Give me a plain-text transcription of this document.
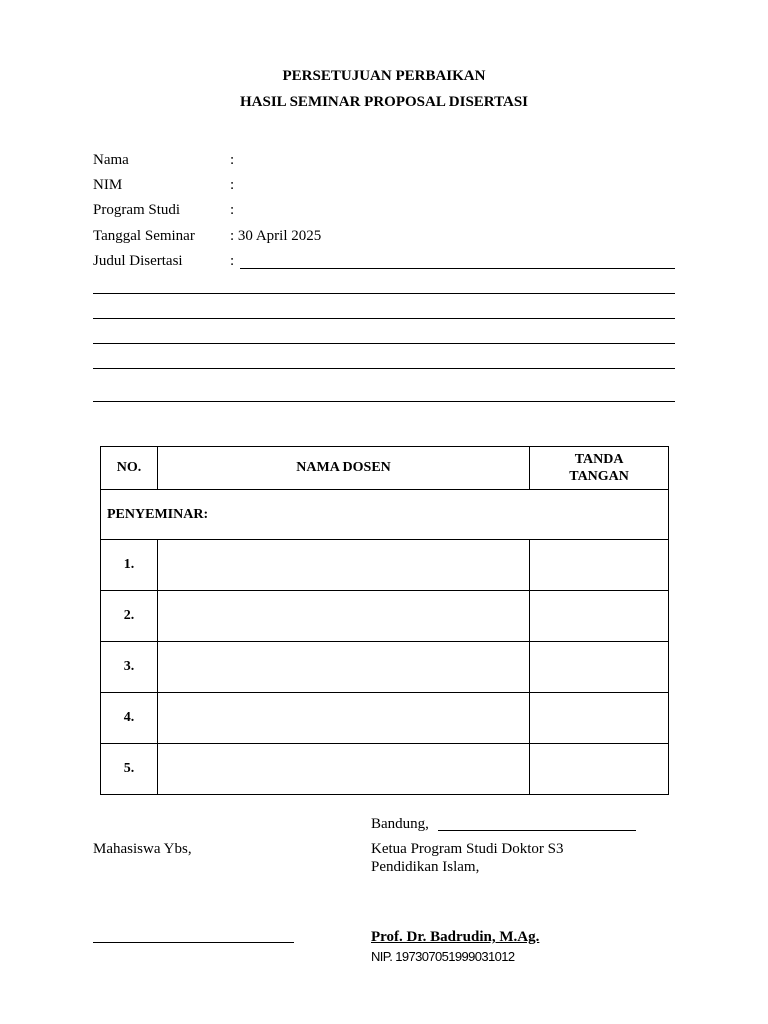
PERSETUJUAN PERBAIKAN
HASIL SEMINAR PROPOSAL DISERTASI
Nama	:
NIM	:
Program Studi	:
Tanggal Seminar : 30 April 2025
Judul Disertasi	:
NO.	NAMA DOSEN	TANDA
TANGAN

PENYEMINAR:		
1.		
2.		
3.		
4.		
5.		
Bandung,
Mahasiswa Ybs,	Ketua Program Studi Doktor S3
Pendidikan Islam,
Prof. Dr. Badrudin, M.Ag.
NIP. 197307051999031012
